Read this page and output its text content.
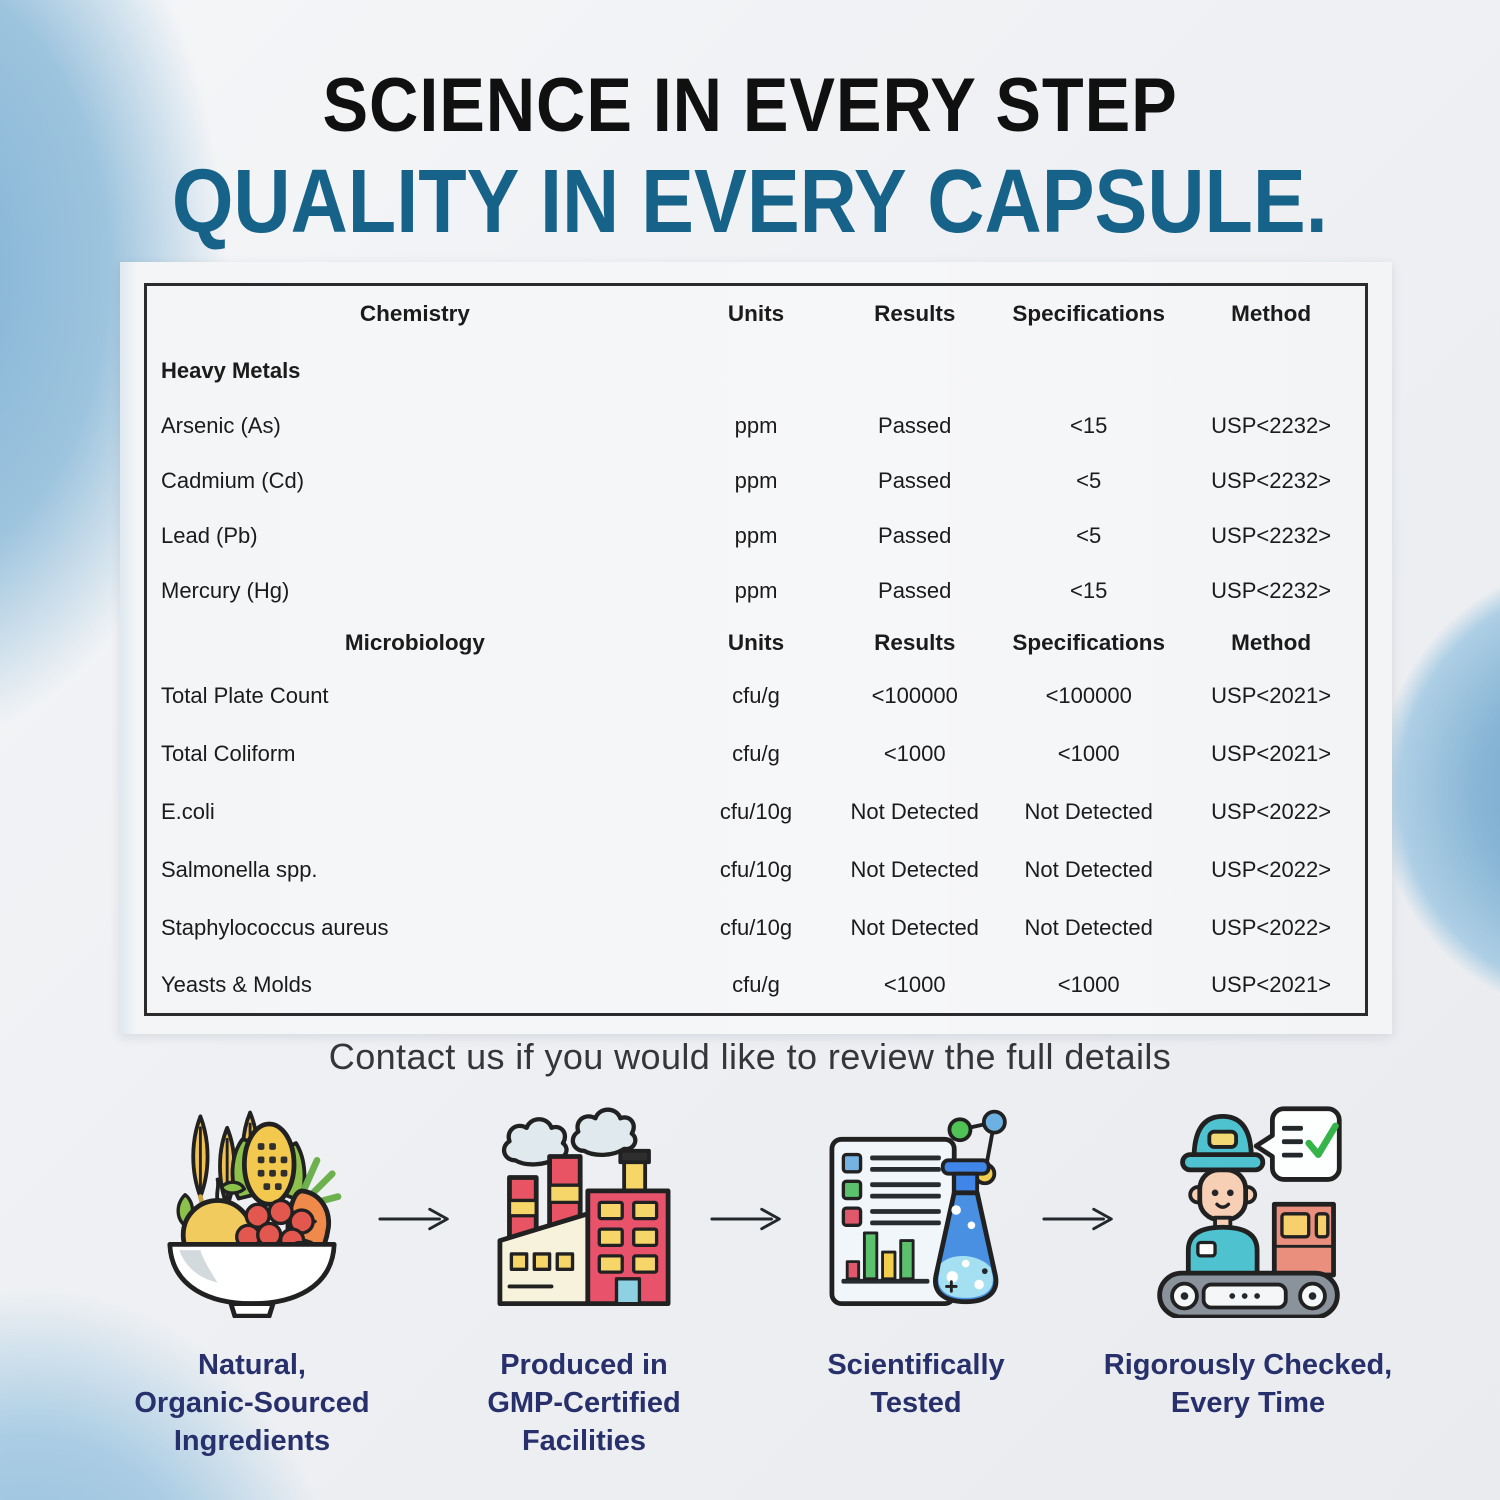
SCIENCE IN EVERY STEP
QUALITY IN EVERY CAPSULE.
Chemistry	Units	Results	Specifications	Method
Heavy Metals				
Arsenic (As)	ppm	Passed	<15	USP<2232>
Cadmium (Cd)	ppm	Passed	<5	USP<2232>
Lead (Pb)	ppm	Passed	<5	USP<2232>
Mercury (Hg)	ppm	Passed	<15	USP<2232>
Microbiology	Units	Results	Specifications	Method
Total Plate Count	cfu/g	<100000	<100000	USP<2021>
Total Coliform	cfu/g	<1000	<1000	USP<2021>
E.coli	cfu/10g	Not Detected	Not Detected	USP<2022>
Salmonella spp.	cfu/10g	Not Detected	Not Detected	USP<2022>
Staphylococcus aureus	cfu/10g	Not Detected	Not Detected	USP<2022>
Yeasts & Molds	cfu/g	<1000	<1000	USP<2021>

Contact us if you would like to review the full details

Natural,
Organic-Sourced
Ingredients
Produced in
GMP-Certified
Facilities
Scientifically
Tested
Rigorously Checked,
Every Time
